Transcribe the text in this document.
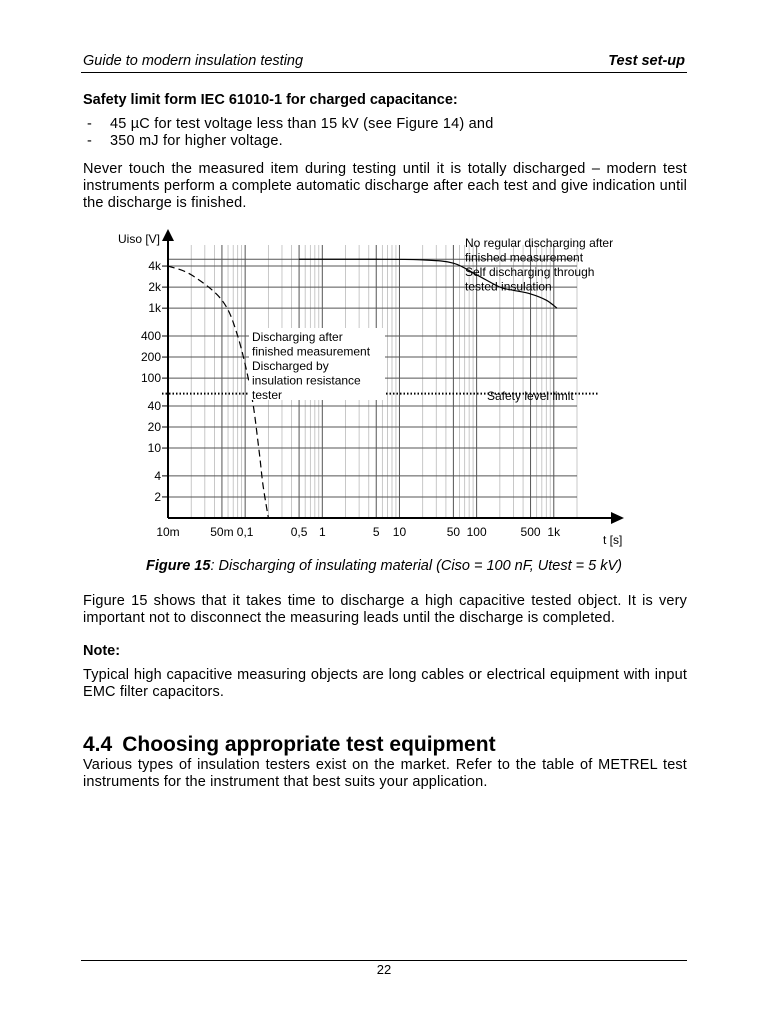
Guide to modern insulation testing	Test set-up
Safety limit form IEC 61010-1 for charged capacitance:
- 45 µC for test voltage less than 15 kV (see Figure 14) and
- 350 mJ for higher voltage.

Never touch the measured item during testing until it is totally discharged – modern test instruments perform a complete automatic discharge after each test and give indication until the discharge is finished.

4k
2k
1k
400
200
100
40
20
10
4
2
10m	50m 0,1	0,5 1	5 10	50 100	500 1k
Uiso [V]
t [s]
No regular discharging after
finished measurement
Self discharging through
tested insulation
Discharging after
finished measurement
Discharged by
insulation resistance
tester	Safety level limit
Figure 15: Discharging of insulating material (Ciso = 100 nF, Utest = 5 kV)

Figure 15 shows that it takes time to discharge a high capacitive tested object. It is very important not to disconnect the measuring leads until the discharge is completed.

Note:

Typical high capacitive measuring objects are long cables or electrical equipment with input EMC filter capacitors.

4.4 Choosing appropriate test equipment

Various types of insulation testers exist on the market. Refer to the table of METREL test instruments for the instrument that best suits your application.

22
